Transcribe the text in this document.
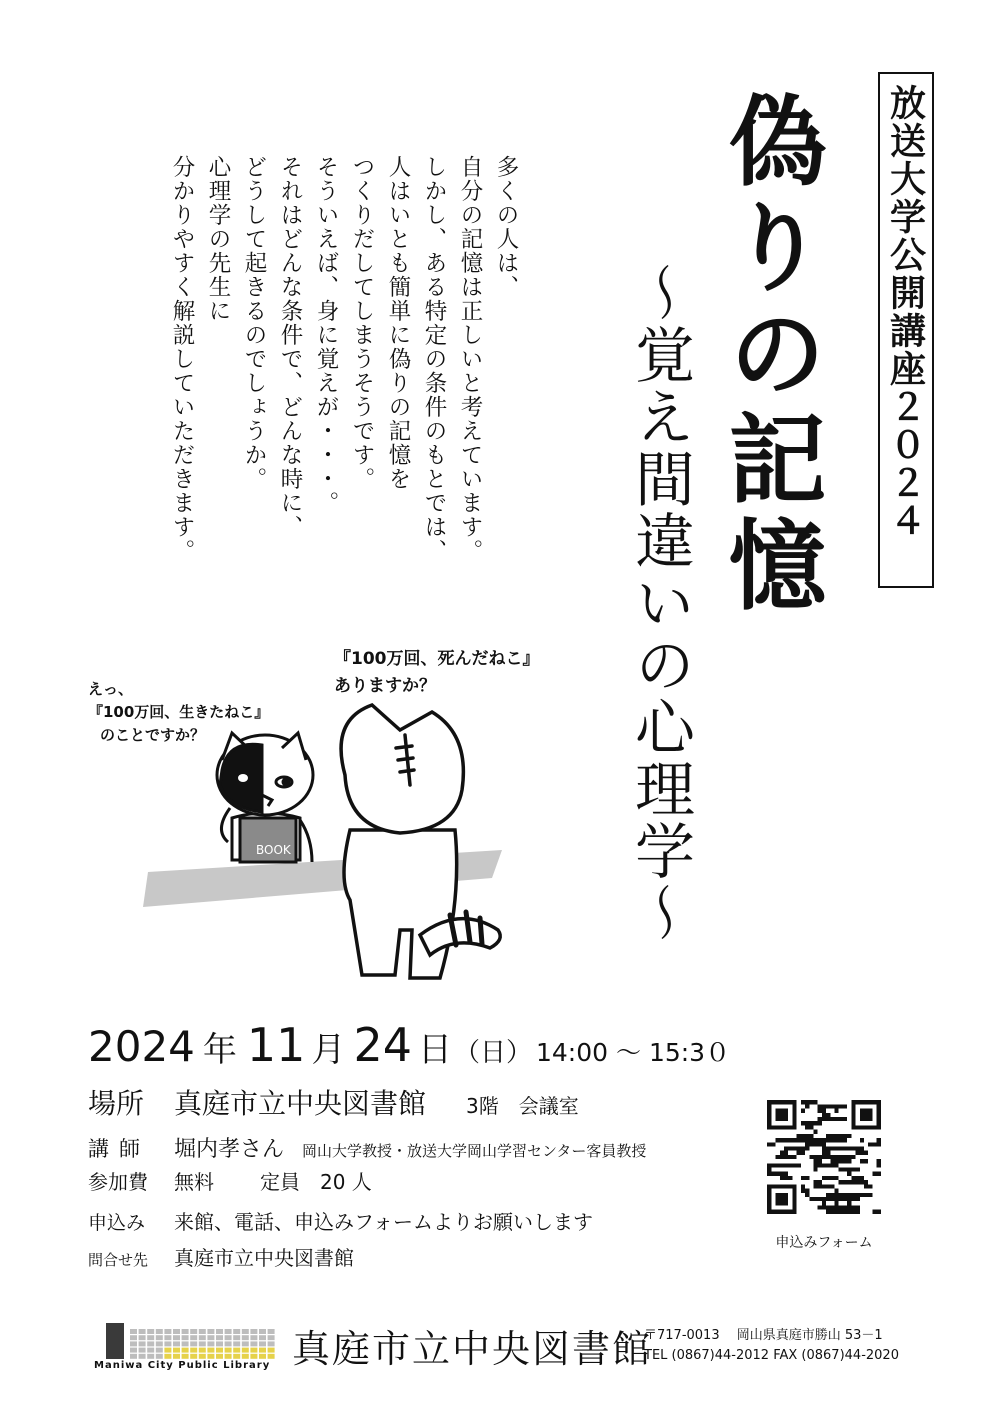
放送大学公開講座２０２４
偽りの記憶
～覚え間違いの心理学～

多くの人は、

自分の記憶は正しいと考えています。

しかし、ある特定の条件のもとでは、

人はいとも簡単に偽りの記憶を

つくりだしてしまうそうです。

そういえば、身に覚えが・・・。

それはどんな条件で、どんな時に、

どうして起きるのでしょうか。

心理学の先生に

分かりやすく解説していただきます。

えっ、
『100万回、生きたねこ』
のことですか？
『100万回、死んだねこ』
ありますか？
BOOK
2024 年 11 月 24 日 （日） 14:00 ～ 15:3０
場所	真庭市立中央図書館 3階　会議室
講師	堀内孝さん 岡山大学教授・放送大学岡山学習センター客員教授
参加費	無料 定員 20 人
申込み	来館、電話、申込みフォームよりお願いします
問合せ先	真庭市立中央図書館
申込みフォーム
Maniwa City Public Library 真庭市立中央図書館
〒717-0013　 岡山県真庭市勝山 53－1
TEL (0867)44-2012 FAX (0867)44-2020
